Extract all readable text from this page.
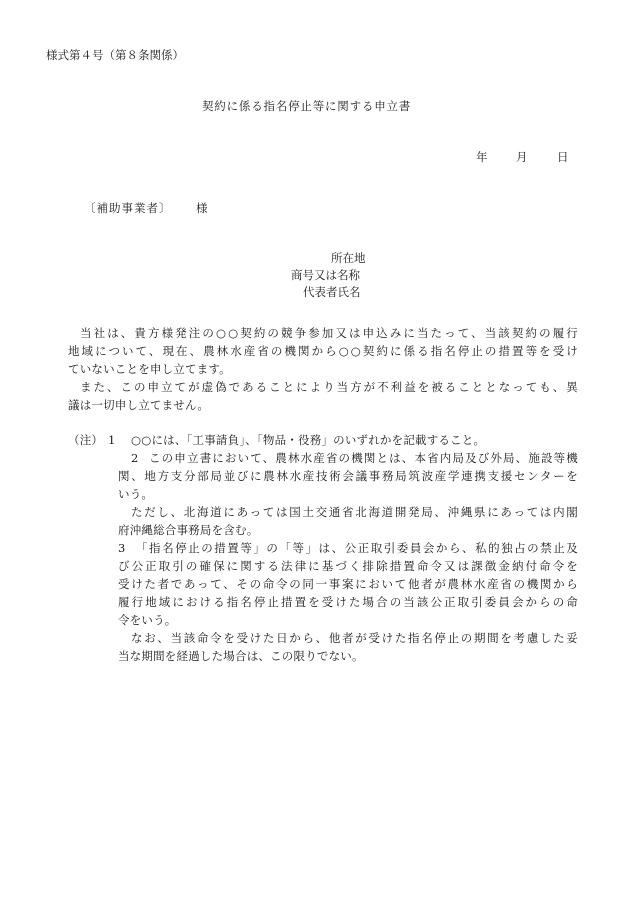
様式第４号（第８条関係）
契約に係る指名停止等に関する申立書
年 月	日
〔補助事業者〕 様
所在地
商号又は名称
代表者氏名
当社は、貴方様発注の○○契約の競争参加又は申込みに当たって、当該契約の履行
地域について、現在、農林水産省の機関から○○契約に係る指名停止の措置等を受け
ていないことを申し立てます。
また、この申立てが虚偽であることにより当方が不利益を被ることとなっても、異
議は一切申し立てません。
（注） 1 ○○には、「工事請負」、「物品・役務」のいずれかを記載すること。
2 この申立書において、農林水産省の機関とは、本省内局及び外局、施設等機
関、地方支分部局並びに農林水産技術会議事務局筑波産学連携支援センターを
いう。
ただし、北海道にあっては国土交通省北海道開発局、沖縄県にあっては内閣
府沖縄総合事務局を含む。
3 「指名停止の措置等」の「等」は、公正取引委員会から、私的独占の禁止及
び公正取引の確保に関する法律に基づく排除措置命令又は課徴金納付命令を
受けた者であって、その命令の同一事案において他者が農林水産省の機関から
履行地域における指名停止措置を受けた場合の当該公正取引委員会からの命
令をいう。
なお、当該命令を受けた日から、他者が受けた指名停止の期間を考慮した妥
当な期間を経過した場合は、この限りでない。
